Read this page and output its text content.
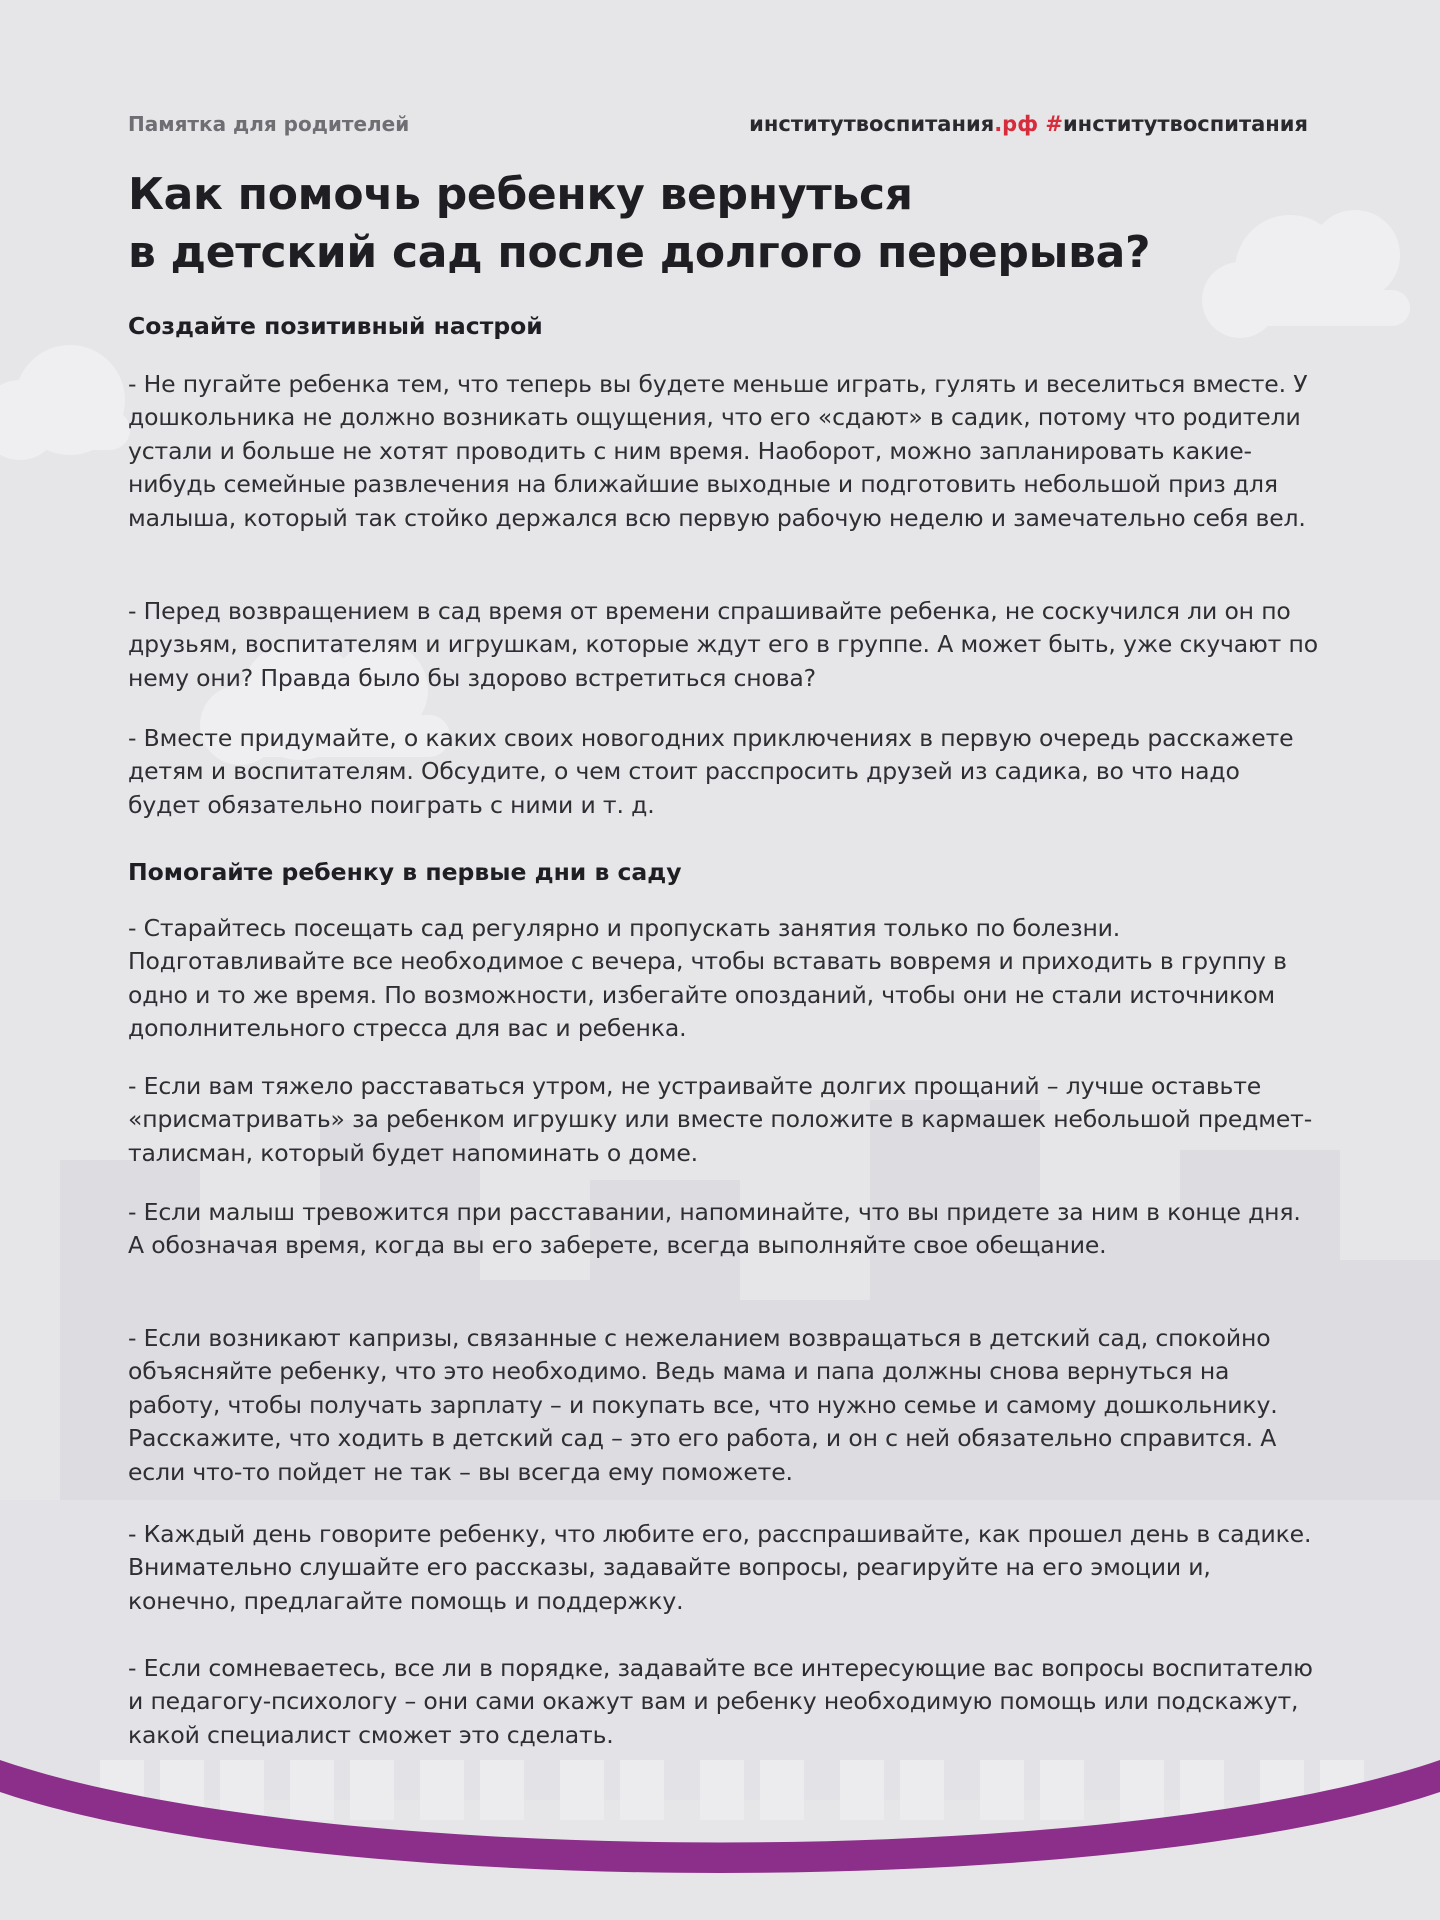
Памятка для родителей	институтвоспитания.рф #институтвоспитания
Как помочь ребенку вернуться
в детский сад после долгого перерыва?
Создайте позитивный настрой

- Не пугайте ребенка тем, что теперь вы будете меньше играть, гулять и веселиться вместе. У дошкольника не должно возникать ощущения, что его «сдают» в садик, потому что родители устали и больше не хотят проводить с ним время. Наоборот, можно запланировать какие-нибудь семейные развлечения на ближайшие выходные и подготовить небольшой приз для малыша, который так стойко держался всю первую рабочую неделю и замечательно себя вел.

- Перед возвращением в сад время от времени спрашивайте ребенка, не соскучился ли он по друзьям, воспитателям и игрушкам, которые ждут его в группе. А может быть, уже скучают по нему они? Правда было бы здорово встретиться снова?

- Вместе придумайте, о каких своих новогодних приключениях в первую очередь расскажете детям и воспитателям. Обсудите, о чем стоит расспросить друзей из садика, во что надо будет обязательно поиграть с ними и т. д.

Помогайте ребенку в первые дни в саду

- Старайтесь посещать сад регулярно и пропускать занятия только по болезни. Подготавливайте все необходимое с вечера, чтобы вставать вовремя и приходить в группу в одно и то же время. По возможности, избегайте опозданий, чтобы они не стали источником дополнительного стресса для вас и ребенка.

- Если вам тяжело расставаться утром, не устраивайте долгих прощаний – лучше оставьте «присматривать» за ребенком игрушку или вместе положите в кармашек небольшой предмет-талисман, который будет напоминать о доме.

- Если малыш тревожится при расставании, напоминайте, что вы придете за ним в конце дня. А обозначая время, когда вы его заберете, всегда выполняйте свое обещание.

- Если возникают капризы, связанные с нежеланием возвращаться в детский сад, спокойно объясняйте ребенку, что это необходимо. Ведь мама и папа должны снова вернуться на работу, чтобы получать зарплату – и покупать все, что нужно семье и самому дошкольнику. Расскажите, что ходить в детский сад – это его работа, и он с ней обязательно справится. А если что-то пойдет не так – вы всегда ему поможете.

- Каждый день говорите ребенку, что любите его, расспрашивайте, как прошел день в садике. Внимательно слушайте его рассказы, задавайте вопросы, реагируйте на его эмоции и, конечно, предлагайте помощь и поддержку.

- Если сомневаетесь, все ли в порядке, задавайте все интересующие вас вопросы воспитателю и педагогу-психологу – они сами окажут вам и ребенку необходимую помощь или подскажут, какой специалист сможет это сделать.
